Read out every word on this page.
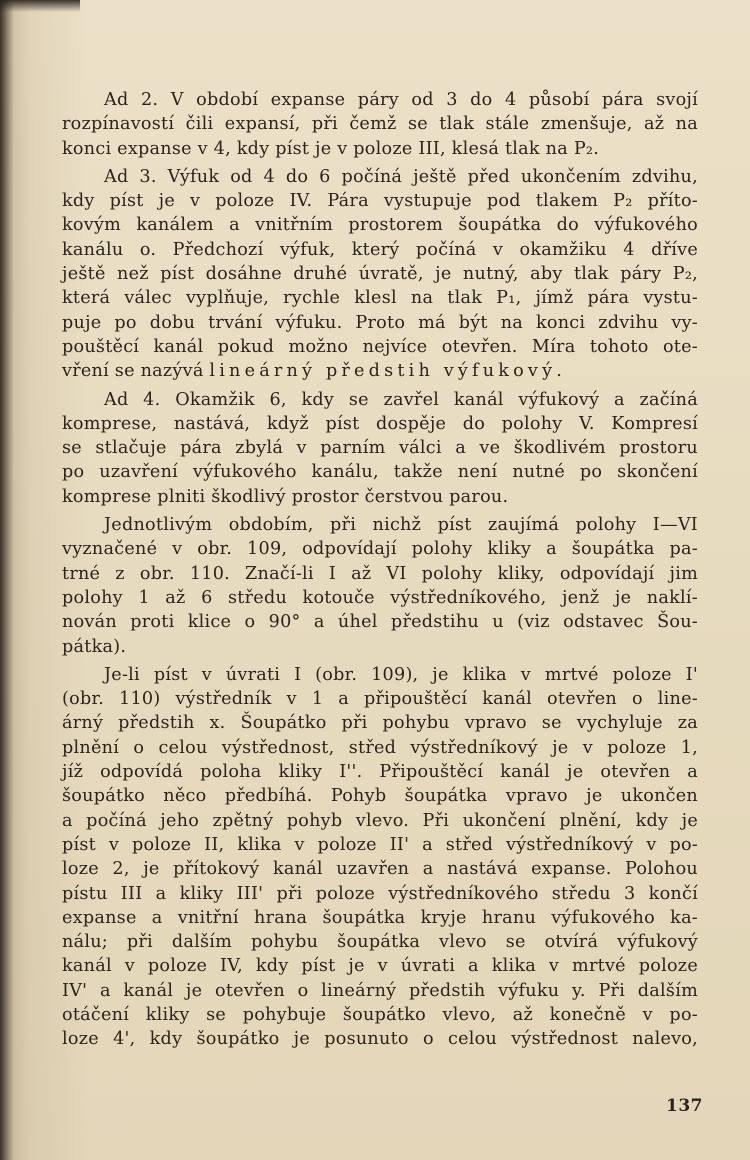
Ad 2. V období expanse páry od 3 do 4 působí pára svojí
rozpínavostí čili expansí, při čemž se tlak stále zmenšuje, až na
konci expanse v 4, kdy píst je v poloze III, klesá tlak na P₂.
Ad 3. Výfuk od 4 do 6 počíná ještě před ukončením zdvihu,
kdy píst je v poloze IV. Pára vystupuje pod tlakem P₂ příto-
kovým kanálem a vnitřním prostorem šoupátka do výfukového
kanálu o. Předchozí výfuk, který počíná v okamžiku 4 dříve
ještě než píst dosáhne druhé úvratě, je nutný, aby tlak páry P₂,
která válec vyplňuje, rychle klesl na tlak P₁, jímž pára vystu-
puje po dobu trvání výfuku. Proto má být na konci zdvihu vy-
pouštěcí kanál pokud možno nejvíce otevřen. Míra tohoto ote-
vření se nazývá lineárný předstih výfukový.
Ad 4. Okamžik 6, kdy se zavřel kanál výfukový a začíná
komprese, nastává, když píst dospěje do polohy V. Kompresí
se stlačuje pára zbylá v parním válci a ve škodlivém prostoru
po uzavření výfukového kanálu, takže není nutné po skončení
komprese plniti škodlivý prostor čerstvou parou.
Jednotlivým obdobím, při nichž píst zaujímá polohy I—VI
vyznačené v obr. 109, odpovídají polohy kliky a šoupátka pa-
trné z obr. 110. Značí-li I až VI polohy kliky, odpovídají jim
polohy 1 až 6 středu kotouče výstředníkového, jenž je naklí-
nován proti klice o 90° a úhel předstihu u (viz odstavec Šou-
pátka).
Je-li píst v úvrati I (obr. 109), je klika v mrtvé poloze I'
(obr. 110) výstředník v 1 a připouštěcí kanál otevřen o line-
árný předstih x. Šoupátko při pohybu vpravo se vychyluje za
plnění o celou výstřednost, střed výstředníkový je v poloze 1,
jíž odpovídá poloha kliky I''. Připouštěcí kanál je otevřen a
šoupátko něco předbíhá. Pohyb šoupátka vpravo je ukončen
a počíná jeho zpětný pohyb vlevo. Při ukončení plnění, kdy je
píst v poloze II, klika v poloze II' a střed výstředníkový v po-
loze 2, je přítokový kanál uzavřen a nastává expanse. Polohou
pístu III a kliky III' při poloze výstředníkového středu 3 končí
expanse a vnitřní hrana šoupátka kryje hranu výfukového ka-
nálu; při dalším pohybu šoupátka vlevo se otvírá výfukový
kanál v poloze IV, kdy píst je v úvrati a klika v mrtvé poloze
IV' a kanál je otevřen o lineárný předstih výfuku y. Při dalším
otáčení kliky se pohybuje šoupátko vlevo, až konečně v po-
loze 4', kdy šoupátko je posunuto o celou výstřednost nalevo,
137
